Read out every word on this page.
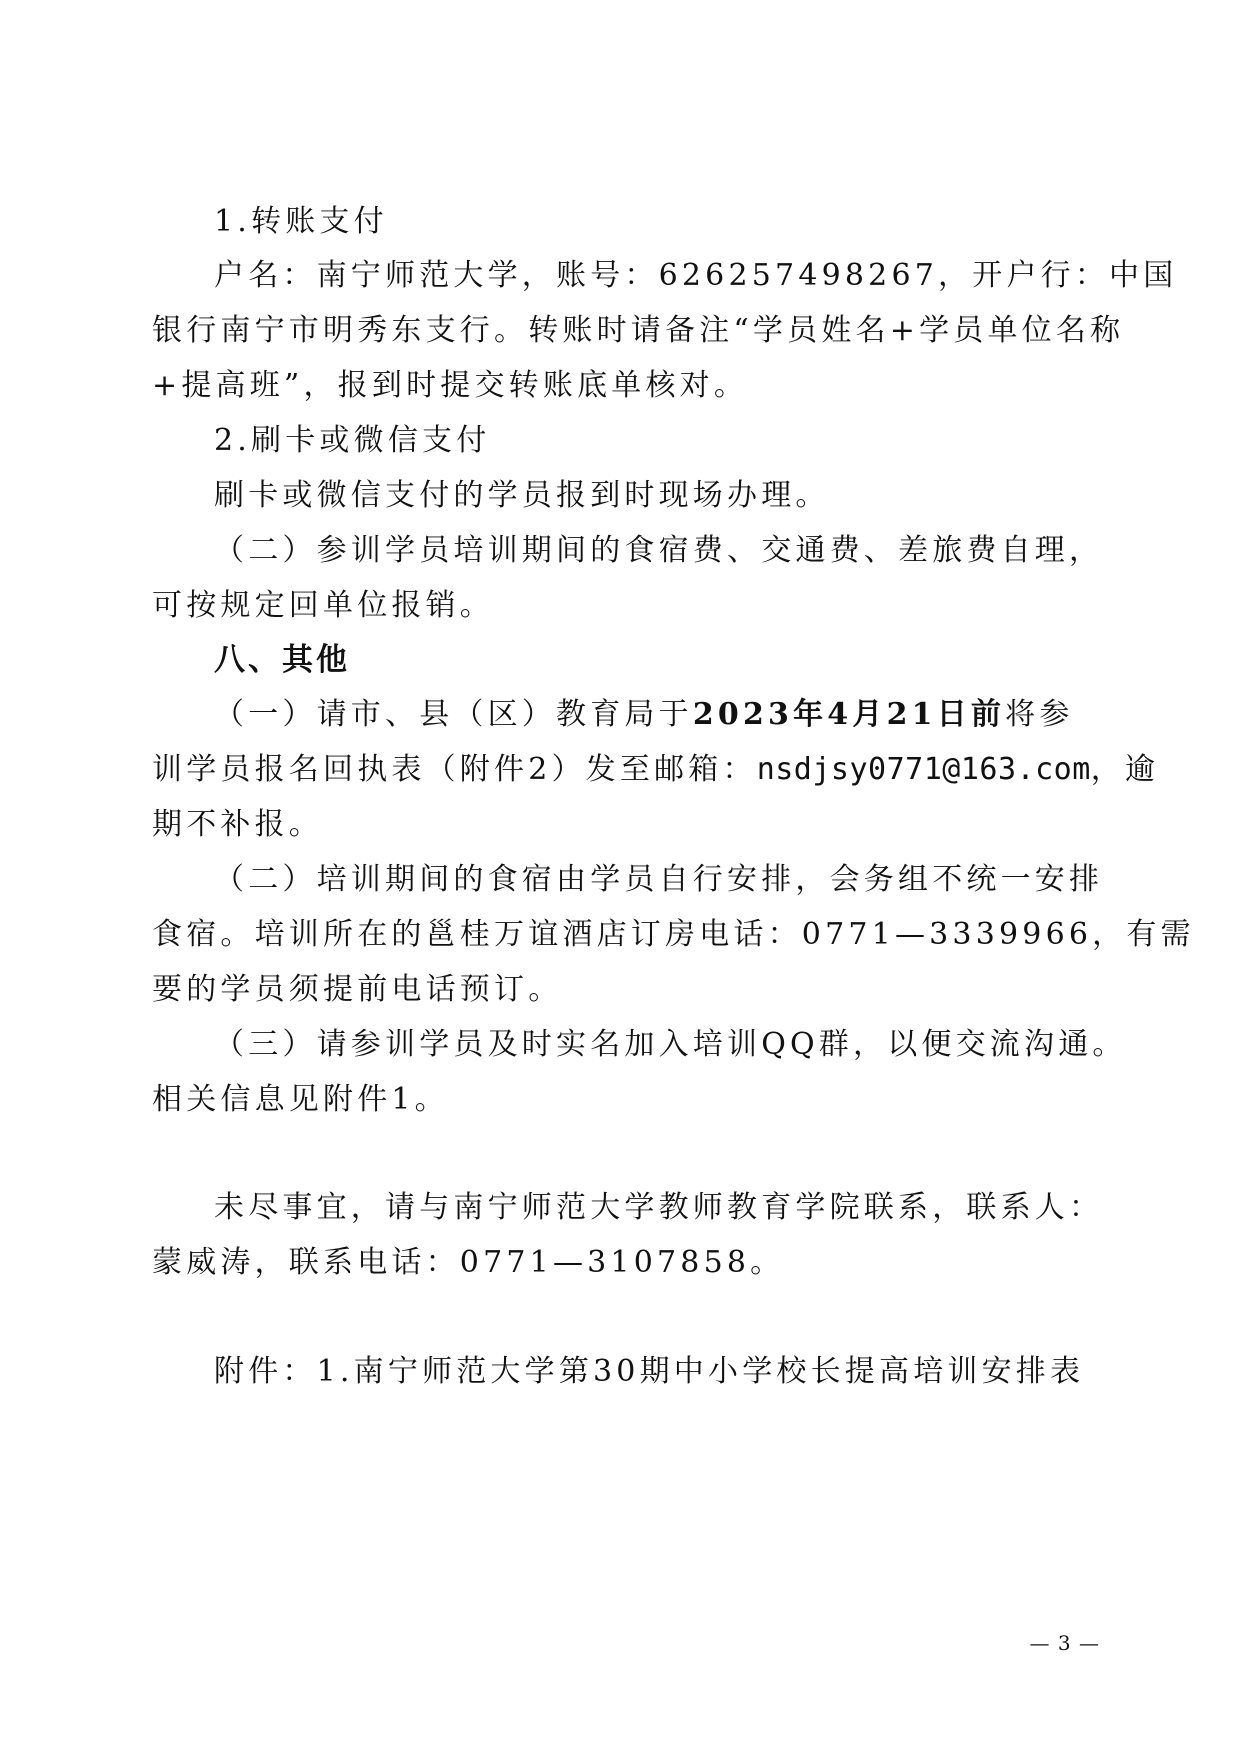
1.转账支付
户名：南宁师范大学，账号：626257498267，开户行：中国
银行南宁市明秀东支行。转账时请备注“学员姓名+学员单位名称
+提高班”，报到时提交转账底单核对。
2.刷卡或微信支付
刷卡或微信支付的学员报到时现场办理。
（二）参训学员培训期间的食宿费、交通费、差旅费自理，
可按规定回单位报销。
八、其他
（一）请市、县（区）教育局于2023年4月21日前将参
训学员报名回执表（附件2）发至邮箱：nsdjsy0771@163.com，逾
期不补报。
（二）培训期间的食宿由学员自行安排，会务组不统一安排
食宿。培训所在的邕桂万谊酒店订房电话：0771—3339966，有需
要的学员须提前电话预订。
（三）请参训学员及时实名加入培训QQ群，以便交流沟通。
相关信息见附件1。
未尽事宜，请与南宁师范大学教师教育学院联系，联系人：
蒙威涛，联系电话：0771—3107858。
附件：1.南宁师范大学第30期中小学校长提高培训安排表
— 3 —
